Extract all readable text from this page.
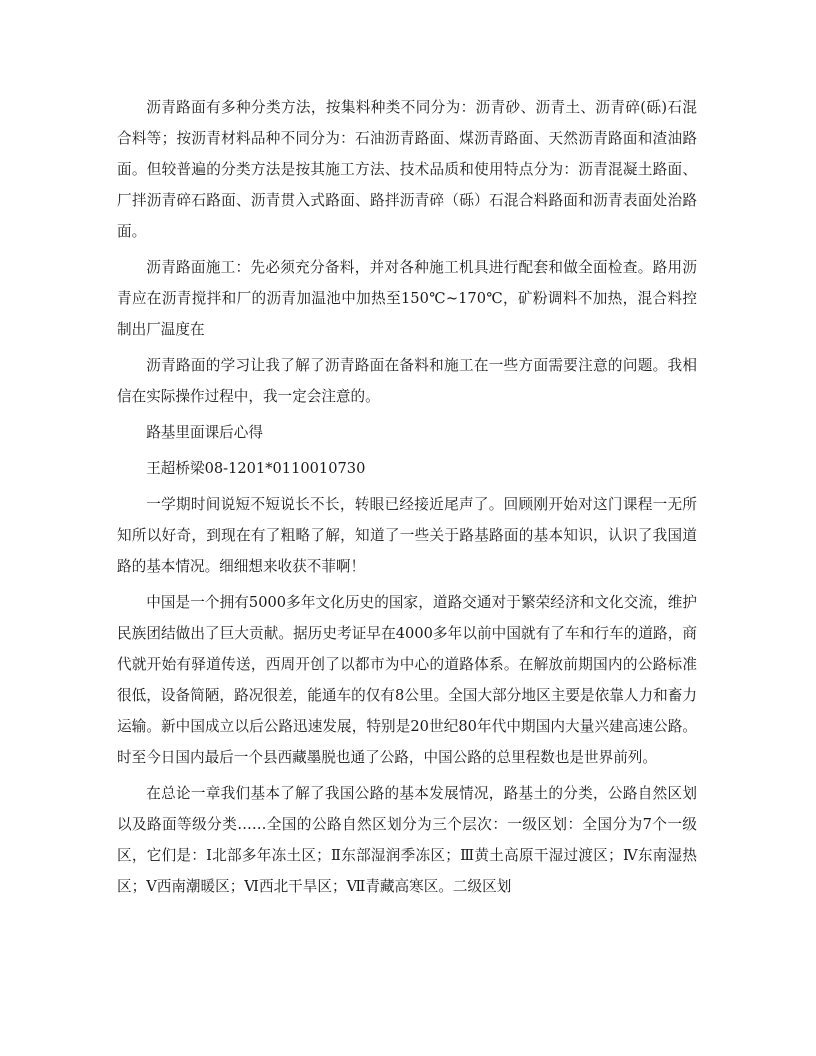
沥青路面有多种分类方法，按集料种类不同分为：沥青砂、沥青土、沥青碎(砾)石混合料等；按沥青材料品种不同分为：石油沥青路面、煤沥青路面、天然沥青路面和渣油路面。但较普遍的分类方法是按其施工方法、技术品质和使用特点分为：沥青混凝土路面、厂拌沥青碎石路面、沥青贯入式路面、路拌沥青碎（砾）石混合料路面和沥青表面处治路面。

沥青路面施工：先必须充分备料，并对各种施工机具进行配套和做全面检查。路用沥青应在沥青搅拌和厂的沥青加温池中加热至150℃~170℃，矿粉调料不加热，混合料控制出厂温度在

沥青路面的学习让我了解了沥青路面在备料和施工在一些方面需要注意的问题。我相信在实际操作过程中，我一定会注意的。

路基里面课后心得

王超桥梁08-1201*0110010730

一学期时间说短不短说长不长，转眼已经接近尾声了。回顾刚开始对这门课程一无所知所以好奇，到现在有了粗略了解，知道了一些关于路基路面的基本知识，认识了我国道路的基本情况。细细想来收获不菲啊！

中国是一个拥有5000多年文化历史的国家，道路交通对于繁荣经济和文化交流，维护民族团结做出了巨大贡献。据历史考证早在4000多年以前中国就有了车和行车的道路，商代就开始有驿道传送，西周开创了以都市为中心的道路体系。在解放前期国内的公路标准很低，设备简陋，路况很差，能通车的仅有8公里。全国大部分地区主要是依靠人力和畜力运输。新中国成立以后公路迅速发展，特别是20世纪80年代中期国内大量兴建高速公路。时至今日国内最后一个县西藏墨脱也通了公路，中国公路的总里程数也是世界前列。

在总论一章我们基本了解了我国公路的基本发展情况，路基土的分类，公路自然区划以及路面等级分类……全国的公路自然区划分为三个层次：一级区划：全国分为7个一级区，它们是：Ⅰ北部多年冻土区；Ⅱ东部湿润季冻区；Ⅲ黄土高原干湿过渡区；Ⅳ东南湿热区；Ⅴ西南潮暖区；Ⅵ西北干旱区；Ⅶ青藏高寒区。二级区划
